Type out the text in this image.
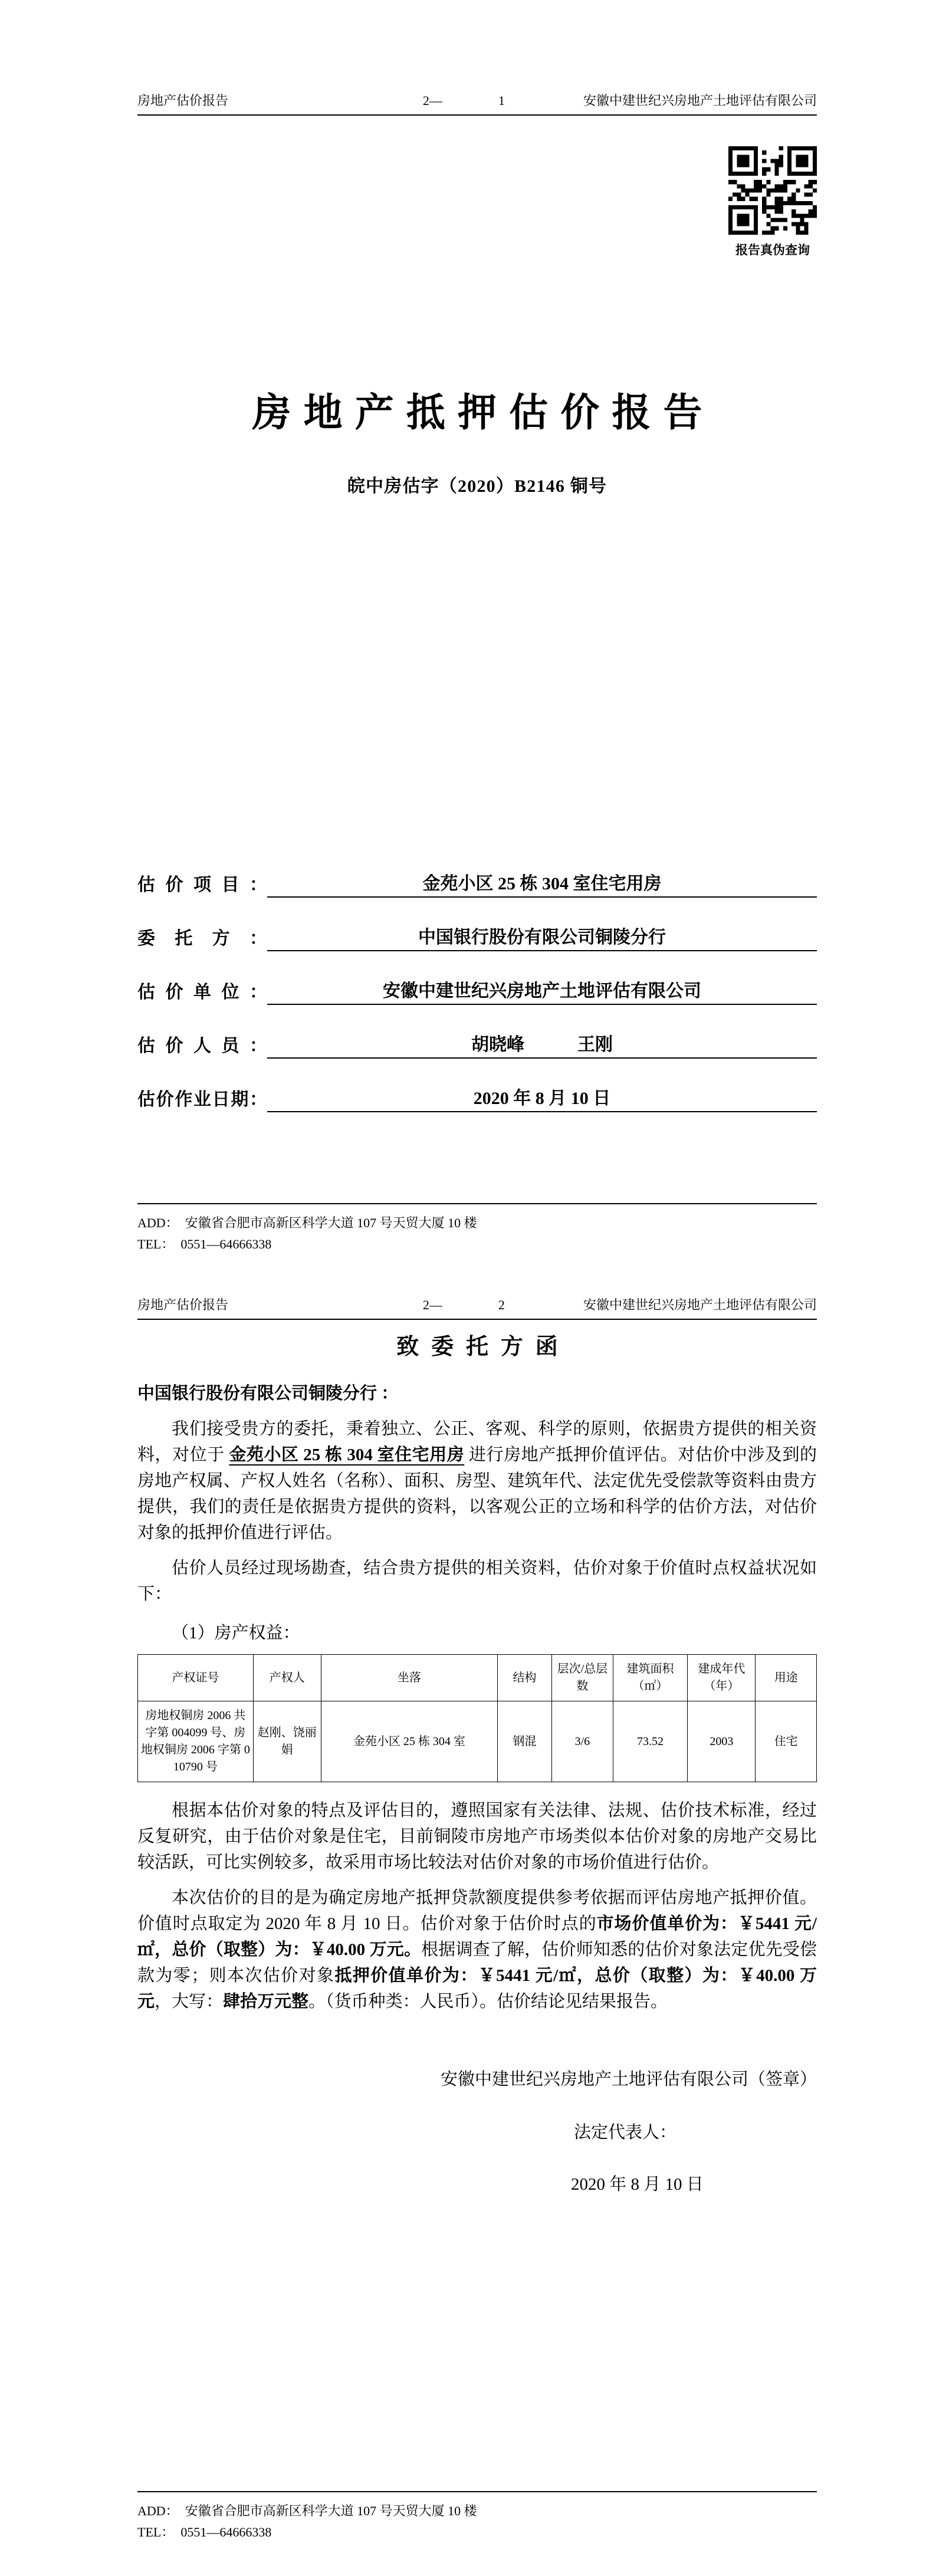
房地产估价报告	2—	1	安徽中建世纪兴房地产土地评估有限公司
报告真伪查询
房地产抵押估价报告
皖中房估字（2020）B2146 铜号
估价项目：	金苑小区 25 栋 304 室住宅用房
委托方：	中国银行股份有限公司铜陵分行
估价单位：	安徽中建世纪兴房地产土地评估有限公司
估价人员：	胡晓峰　　　王刚
估价作业日期：	2020 年 8 月 10 日
ADD：　安徽省合肥市高新区科学大道 107 号天贸大厦 10 楼
TEL：　0551—64666338
房地产估价报告	2—	2	安徽中建世纪兴房地产土地评估有限公司
致委托方函
中国银行股份有限公司铜陵分行 ：
我们接受贵方的委托，秉着独立、公正、客观、科学的原则，依据贵方提供的相关资料，对位于 金苑小区 25 栋 304 室住宅用房 进行房地产抵押价值评估。对估价中涉及到的房地产权属、产权人姓名（名称）、面积、房型、建筑年代、法定优先受偿款等资料由贵方提供，我们的责任是依据贵方提供的资料，以客观公正的立场和科学的估价方法，对估价对象的抵押价值进行评估。
估价人员经过现场勘查，结合贵方提供的相关资料，估价对象于价值时点权益状况如下：
（1）房产权益：
产权证号	产权人	坐落	结构	层次/总层数	建筑面积（㎡）	建成年代（年）	用途
房地权铜房 2006 共字第 004099 号、房地权铜房 2006 字第 010790 号	赵刚、饶丽娟	金苑小区 25 栋 304 室	钢混	3/6	73.52	2003	住宅
根据本估价对象的特点及评估目的，遵照国家有关法律、法规、估价技术标准，经过反复研究，由于估价对象是住宅，目前铜陵市房地产市场类似本估价对象的房地产交易比较活跃，可比实例较多，故采用市场比较法对估价对象的市场价值进行估价。
本次估价的目的是为确定房地产抵押贷款额度提供参考依据而评估房地产抵押价值。价值时点取定为 2020 年 8 月 10 日。估价对象于估价时点的市场价值单价为：￥5441 元/㎡，总价（取整）为：￥40.00 万元。根据调查了解，估价师知悉的估价对象法定优先受偿款为零；则本次估价对象抵押价值单价为：￥5441 元/㎡，总价（取整）为：￥40.00 万元，大写：肆拾万元整。（货币种类：人民币）。估价结论见结果报告。
安徽中建世纪兴房地产土地评估有限公司（签章）
法定代表人：
2020 年 8 月 10 日
ADD：　安徽省合肥市高新区科学大道 107 号天贸大厦 10 楼
TEL：　0551—64666338
